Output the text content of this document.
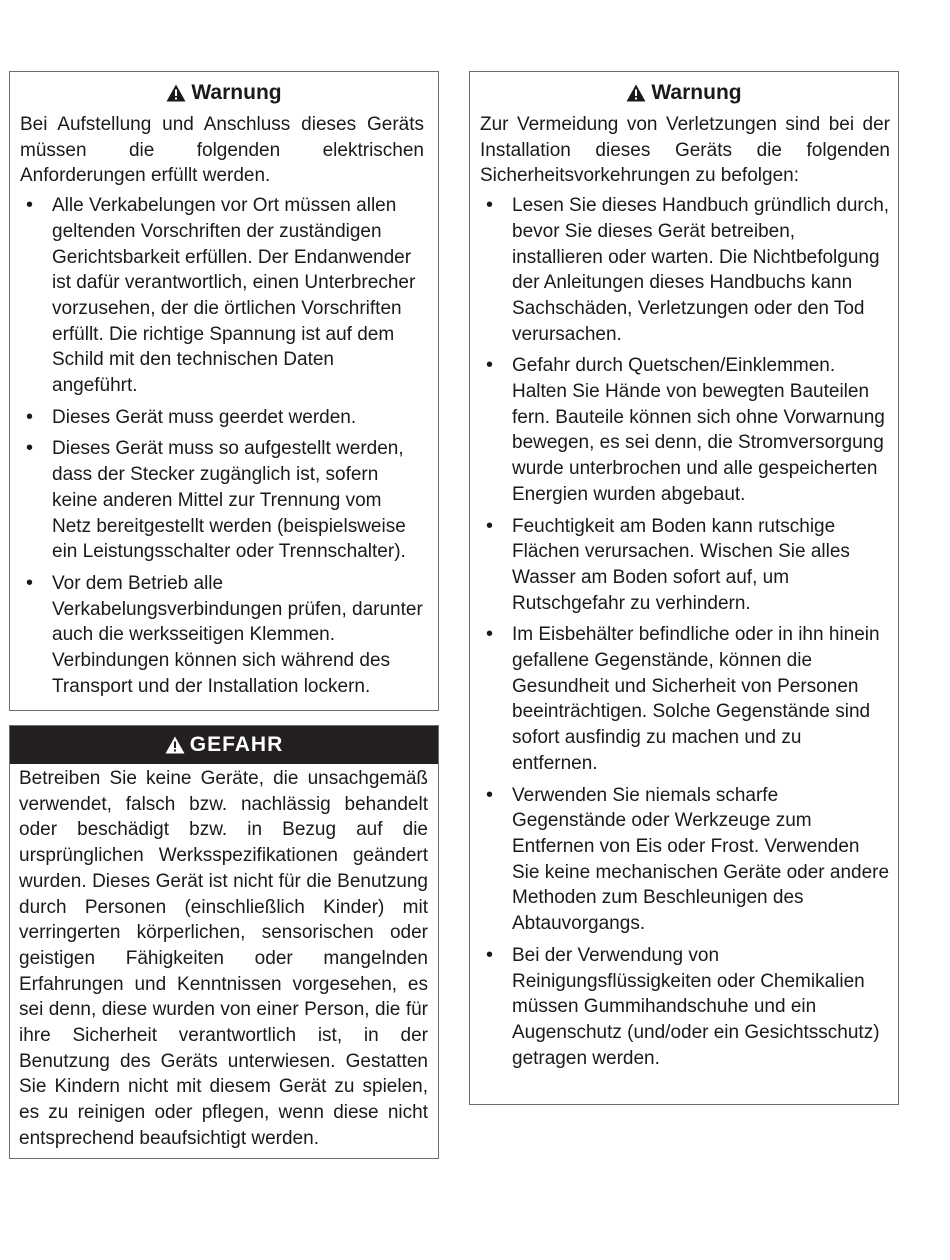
Warnung

Bei Aufstellung und Anschluss dieses Geräts müssen die folgenden elektrischen Anforderungen erfüllt werden.

• Alle Verkabelungen vor Ort müssen allen geltenden Vorschriften der zuständigen Gerichtsbarkeit erfüllen. Der Endanwender ist dafür verantwortlich, einen Unterbrecher vorzusehen, der die örtlichen Vorschriften erfüllt. Die richtige Spannung ist auf dem Schild mit den technischen Daten angeführt.
• Dieses Gerät muss geerdet werden.
• Dieses Gerät muss so aufgestellt werden, dass der Stecker zugänglich ist, sofern keine anderen Mittel zur Trennung vom Netz bereitgestellt werden (beispielsweise ein Leistungsschalter oder Trennschalter).
• Vor dem Betrieb alle Verkabelungsverbindungen prüfen, darunter auch die werksseitigen Klemmen. Verbindungen können sich während des Transport und der Installation lockern.
GEFAHR

Betreiben Sie keine Geräte, die unsachgemäß verwendet, falsch bzw. nachlässig behandelt oder beschädigt bzw. in Bezug auf die ursprünglichen Werksspezifikationen geändert wurden. Dieses Gerät ist nicht für die Benutzung durch Personen (einschließlich Kinder) mit verringerten körperlichen, sensorischen oder geistigen Fähigkeiten oder mangelnden Erfahrungen und Kenntnissen vorgesehen, es sei denn, diese wurden von einer Person, die für ihre Sicherheit verantwortlich ist, in der Benutzung des Geräts unterwiesen. Gestatten Sie Kindern nicht mit diesem Gerät zu spielen, es zu reinigen oder pflegen, wenn diese nicht entsprechend beaufsichtigt werden.

Warnung

Zur Vermeidung von Verletzungen sind bei der Installation dieses Geräts die folgenden Sicherheitsvorkehrungen zu befolgen:

• Lesen Sie dieses Handbuch gründlich durch, bevor Sie dieses Gerät betreiben, installieren oder warten. Die Nichtbefolgung der Anleitungen dieses Handbuchs kann Sachschäden, Verletzungen oder den Tod verursachen.
• Gefahr durch Quetschen/Einklemmen. Halten Sie Hände von bewegten Bauteilen fern. Bauteile können sich ohne Vorwarnung bewegen, es sei denn, die Stromversorgung wurde unterbrochen und alle gespeicherten Energien wurden abgebaut.
• Feuchtigkeit am Boden kann rutschige Flächen verursachen. Wischen Sie alles Wasser am Boden sofort auf, um Rutschgefahr zu verhindern.
• Im Eisbehälter befindliche oder in ihn hinein gefallene Gegenstände, können die Gesundheit und Sicherheit von Personen beeinträchtigen. Solche Gegenstände sind sofort ausfindig zu machen und zu entfernen.
• Verwenden Sie niemals scharfe Gegenstände oder Werkzeuge zum Entfernen von Eis oder Frost. Verwenden Sie keine mechanischen Geräte oder andere Methoden zum Beschleunigen des Abtauvorgangs.
• Bei der Verwendung von Reinigungsflüssigkeiten oder Chemikalien müssen Gummihandschuhe und ein Augenschutz (und/oder ein Gesichtsschutz) getragen werden.
